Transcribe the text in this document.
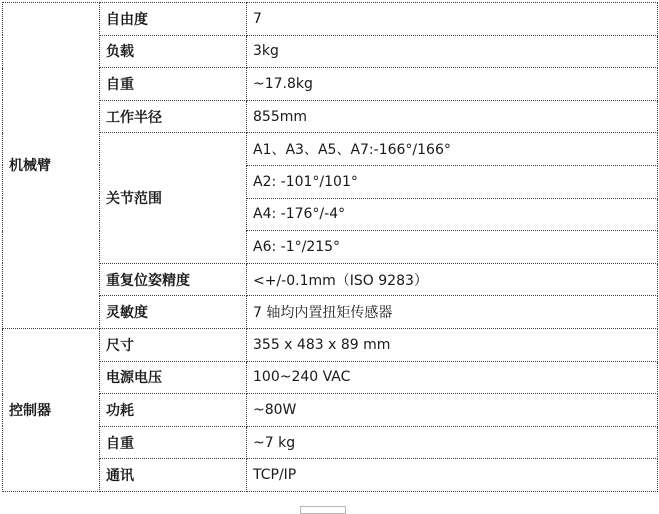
机械臂	自由度	7
	负载	3kg
	自重	~17.8kg
	工作半径	855mm
	关节范围	A1、A3、A5、A7:-166°/166°
		A2: -101°/101°
		A4: -176°/-4°
		A6: -1°/215°
	重复位姿精度	<+/-0.1mm（ISO 9283）
	灵敏度	7 轴均内置扭矩传感器
控制器	尺寸	355 x 483 x 89 mm
	电源电压	100~240 VAC
	功耗	~80W
	自重	~7 kg
	通讯	TCP/IP
